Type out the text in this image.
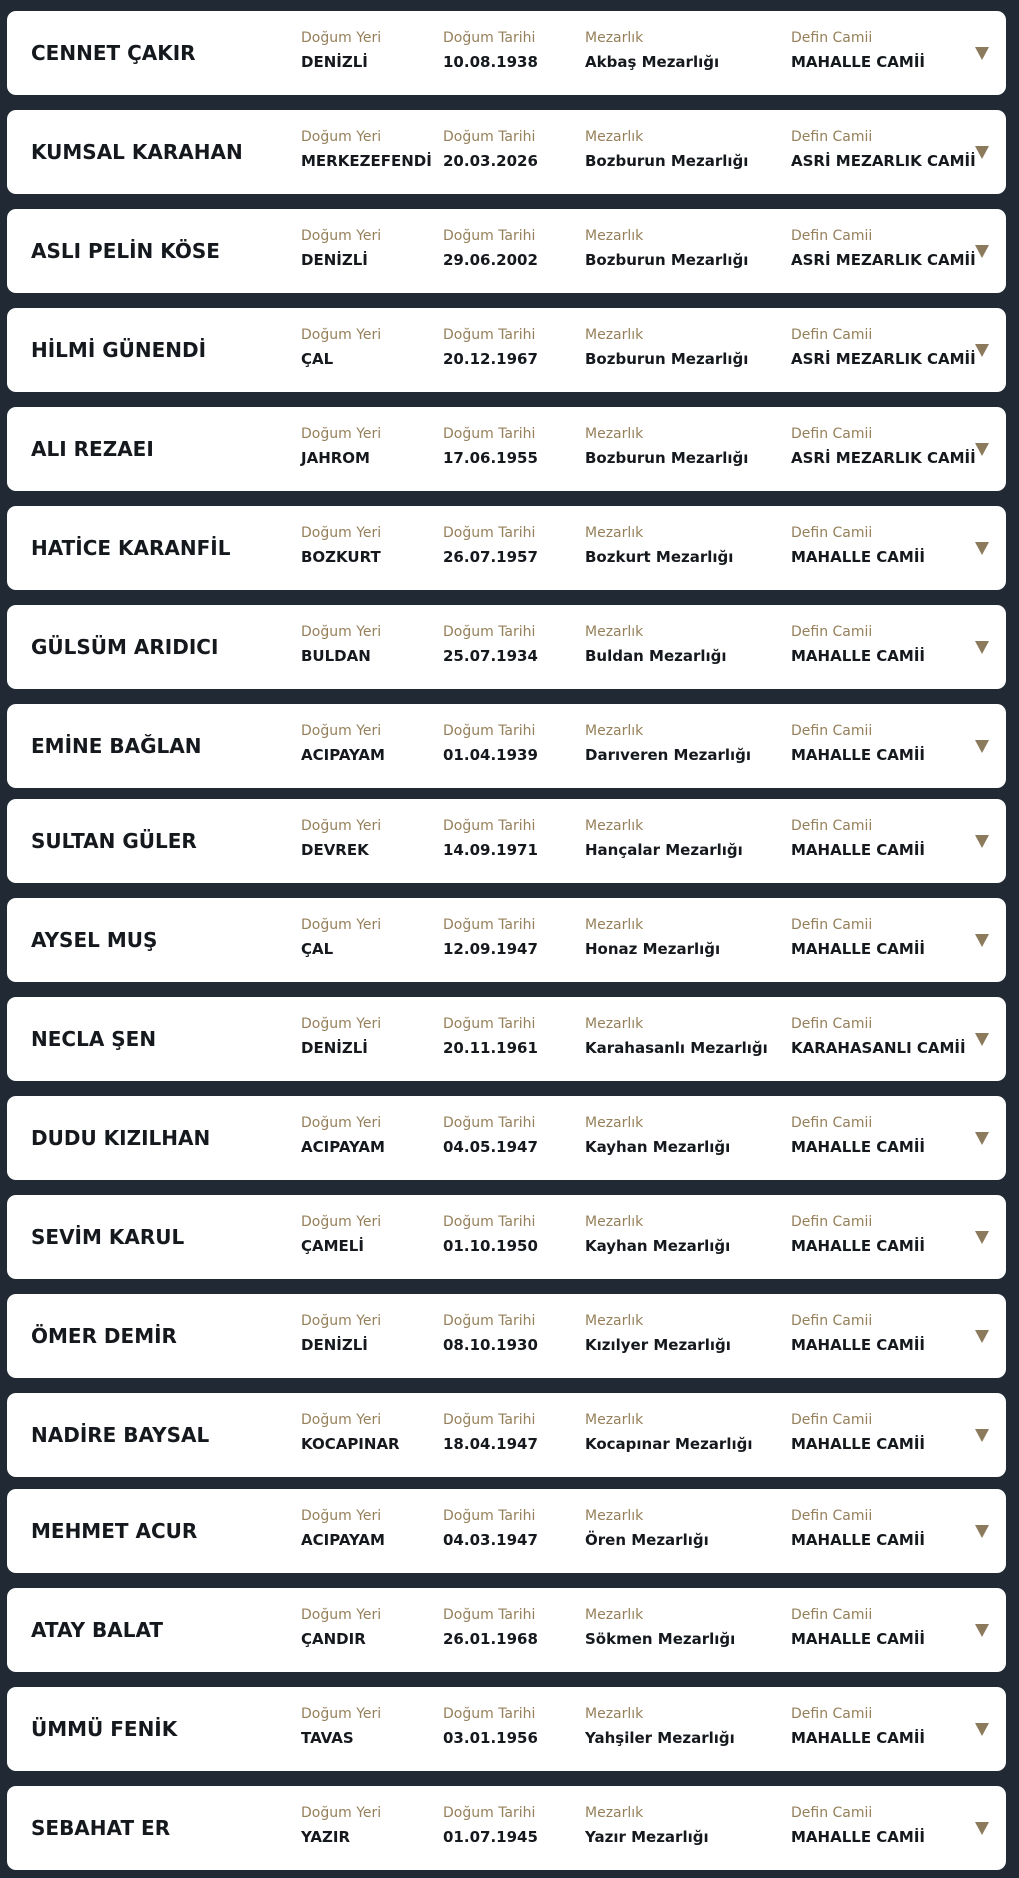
CENNET ÇAKIR
Doğum Yeri
DENİZLİ
Doğum Tarihi
10.08.1938
Mezarlık
Akbaş Mezarlığı
Defin Camii
MAHALLE CAMİİ
KUMSAL KARAHAN
Doğum Yeri
MERKEZEFENDİ
Doğum Tarihi
20.03.2026
Mezarlık
Bozburun Mezarlığı
Defin Camii
ASRİ MEZARLIK CAMİİ
ASLI PELİN KÖSE
Doğum Yeri
DENİZLİ
Doğum Tarihi
29.06.2002
Mezarlık
Bozburun Mezarlığı
Defin Camii
ASRİ MEZARLIK CAMİİ
HİLMİ GÜNENDİ
Doğum Yeri
ÇAL
Doğum Tarihi
20.12.1967
Mezarlık
Bozburun Mezarlığı
Defin Camii
ASRİ MEZARLIK CAMİİ
ALI REZAEI
Doğum Yeri
JAHROM
Doğum Tarihi
17.06.1955
Mezarlık
Bozburun Mezarlığı
Defin Camii
ASRİ MEZARLIK CAMİİ
HATİCE KARANFİL
Doğum Yeri
BOZKURT
Doğum Tarihi
26.07.1957
Mezarlık
Bozkurt Mezarlığı
Defin Camii
MAHALLE CAMİİ
GÜLSÜM ARIDICI
Doğum Yeri
BULDAN
Doğum Tarihi
25.07.1934
Mezarlık
Buldan Mezarlığı
Defin Camii
MAHALLE CAMİİ
EMİNE BAĞLAN
Doğum Yeri
ACIPAYAM
Doğum Tarihi
01.04.1939
Mezarlık
Darıveren Mezarlığı
Defin Camii
MAHALLE CAMİİ
SULTAN GÜLER
Doğum Yeri
DEVREK
Doğum Tarihi
14.09.1971
Mezarlık
Hançalar Mezarlığı
Defin Camii
MAHALLE CAMİİ
AYSEL MUŞ
Doğum Yeri
ÇAL
Doğum Tarihi
12.09.1947
Mezarlık
Honaz Mezarlığı
Defin Camii
MAHALLE CAMİİ
NECLA ŞEN
Doğum Yeri
DENİZLİ
Doğum Tarihi
20.11.1961
Mezarlık
Karahasanlı Mezarlığı
Defin Camii
KARAHASANLI CAMİİ
DUDU KIZILHAN
Doğum Yeri
ACIPAYAM
Doğum Tarihi
04.05.1947
Mezarlık
Kayhan Mezarlığı
Defin Camii
MAHALLE CAMİİ
SEVİM KARUL
Doğum Yeri
ÇAMELİ
Doğum Tarihi
01.10.1950
Mezarlık
Kayhan Mezarlığı
Defin Camii
MAHALLE CAMİİ
ÖMER DEMİR
Doğum Yeri
DENİZLİ
Doğum Tarihi
08.10.1930
Mezarlık
Kızılyer Mezarlığı
Defin Camii
MAHALLE CAMİİ
NADİRE BAYSAL
Doğum Yeri
KOCAPINAR
Doğum Tarihi
18.04.1947
Mezarlık
Kocapınar Mezarlığı
Defin Camii
MAHALLE CAMİİ
MEHMET ACUR
Doğum Yeri
ACIPAYAM
Doğum Tarihi
04.03.1947
Mezarlık
Ören Mezarlığı
Defin Camii
MAHALLE CAMİİ
ATAY BALAT
Doğum Yeri
ÇANDIR
Doğum Tarihi
26.01.1968
Mezarlık
Sökmen Mezarlığı
Defin Camii
MAHALLE CAMİİ
ÜMMÜ FENİK
Doğum Yeri
TAVAS
Doğum Tarihi
03.01.1956
Mezarlık
Yahşiler Mezarlığı
Defin Camii
MAHALLE CAMİİ
SEBAHAT ER
Doğum Yeri
YAZIR
Doğum Tarihi
01.07.1945
Mezarlık
Yazır Mezarlığı
Defin Camii
MAHALLE CAMİİ
